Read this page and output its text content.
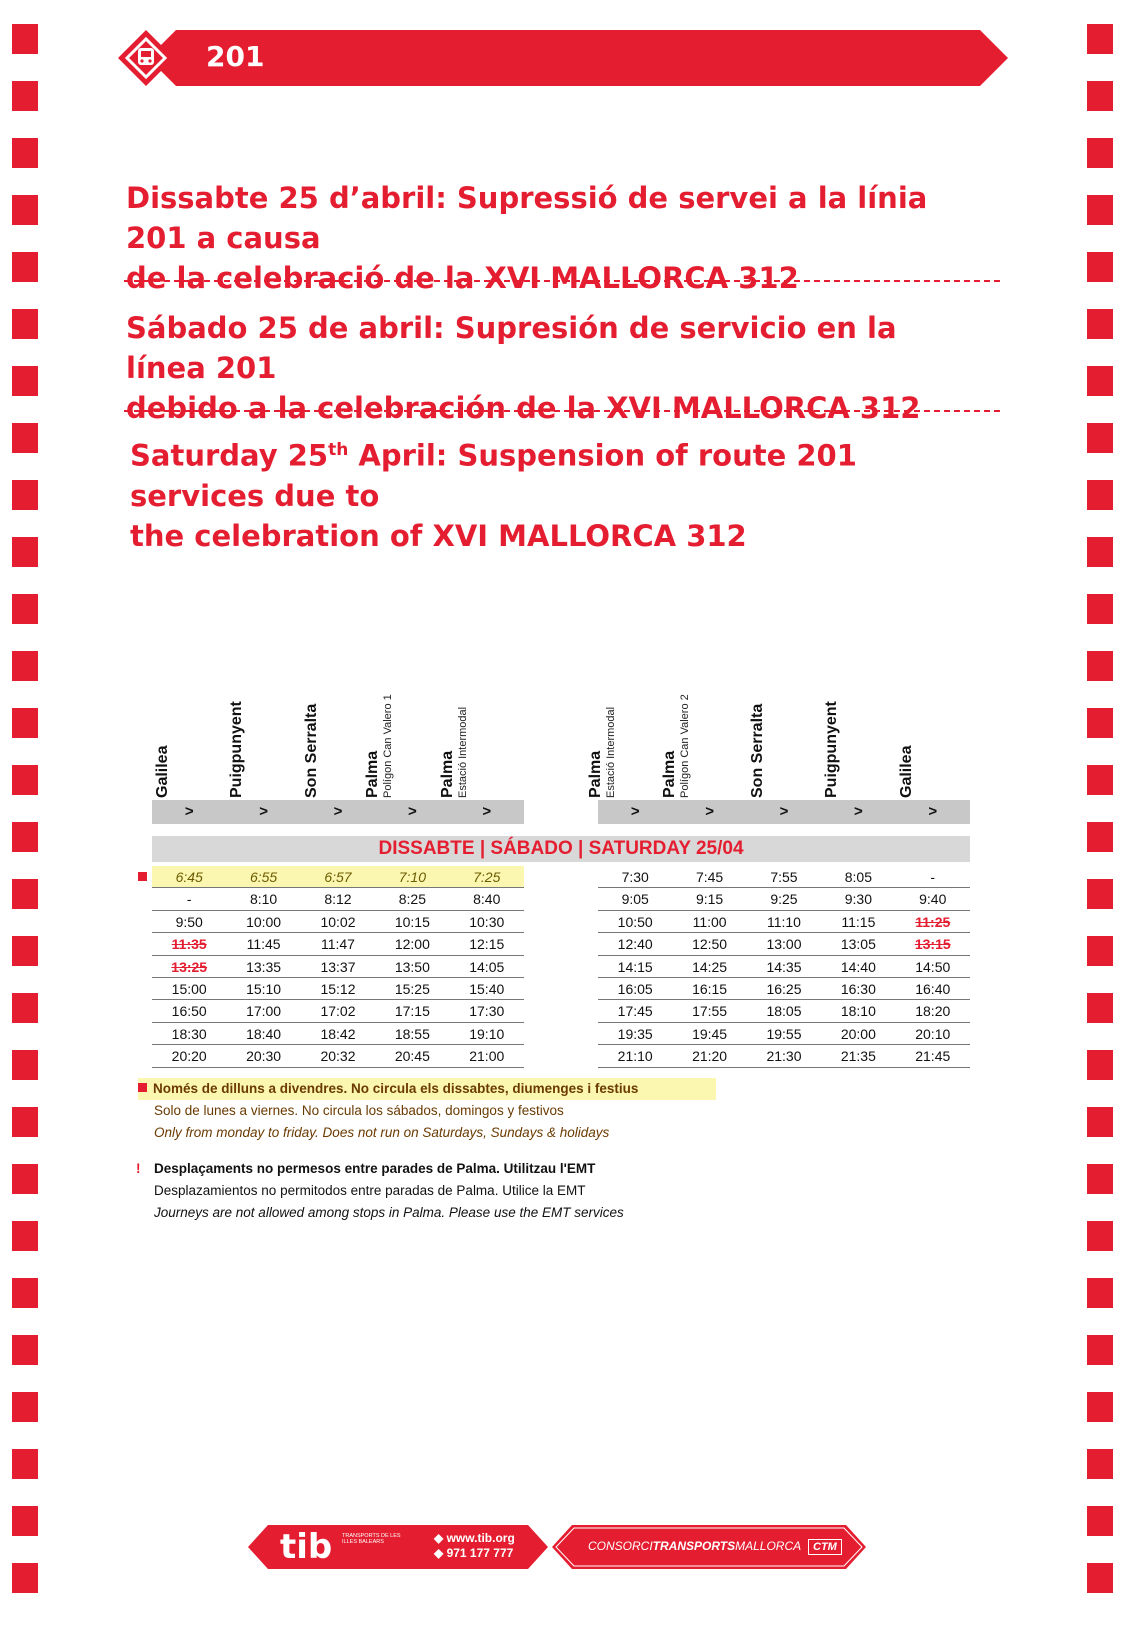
201
Dissabte 25 d’abril: Supressió de servei a la línia 201 a causa
de la celebració de la XVI MALLORCA 312
Sábado 25 de abril: Supresión de servicio en la línea 201
debido a la celebración de la XVI MALLORCA 312
Saturday 25th April: Suspension of route 201 services due to
the celebration of XVI MALLORCA 312
Galilea	Puigpunyent	Son Serralta	Palma Polígon Can Valero 1	Palma Estació Intermodal
>	>	>	>	>
6:45	6:55	6:57	7:10	7:25
-	8:10	8:12	8:25	8:40
9:50	10:00	10:02	10:15	10:30
11:35	11:45	11:47	12:00	12:15
13:25	13:35	13:37	13:50	14:05
15:00	15:10	15:12	15:25	15:40
16:50	17:00	17:02	17:15	17:30
18:30	18:40	18:42	18:55	19:10
20:20	20:30	20:32	20:45	21:00
Palma Estació Intermodal	Palma Polígon Can Valero 2	Son Serralta	Puigpunyent	Galilea
>	>	>	>	>
7:30	7:45	7:55	8:05	-
9:05	9:15	9:25	9:30	9:40
10:50	11:00	11:10	11:15	11:25
12:40	12:50	13:00	13:05	13:15
14:15	14:25	14:35	14:40	14:50
16:05	16:15	16:25	16:30	16:40
17:45	17:55	18:05	18:10	18:20
19:35	19:45	19:55	20:00	20:10
21:10	21:20	21:30	21:35	21:45
DISSABTE | SÁBADO | SATURDAY 25/04
Només de dilluns a divendres. No circula els dissabtes, diumenges i festius
Solo de lunes a viernes. No circula los sábados, domingos y festivos
Only from monday to friday. Does not run on Saturdays, Sundays & holidays
! Desplaçaments no permesos entre parades de Palma. Utilitzau l'EMT
Desplazamientos no permitodos entre paradas de Palma. Utilice la EMT
Journeys are not allowed among stops in Palma. Please use the EMT services
tib TRANSPORTS DE LES ILLES BALEARS	◆ www.tib.org
◆ 971 177 777	CONSORCITRANSPORTSMALLORCA	CTM
